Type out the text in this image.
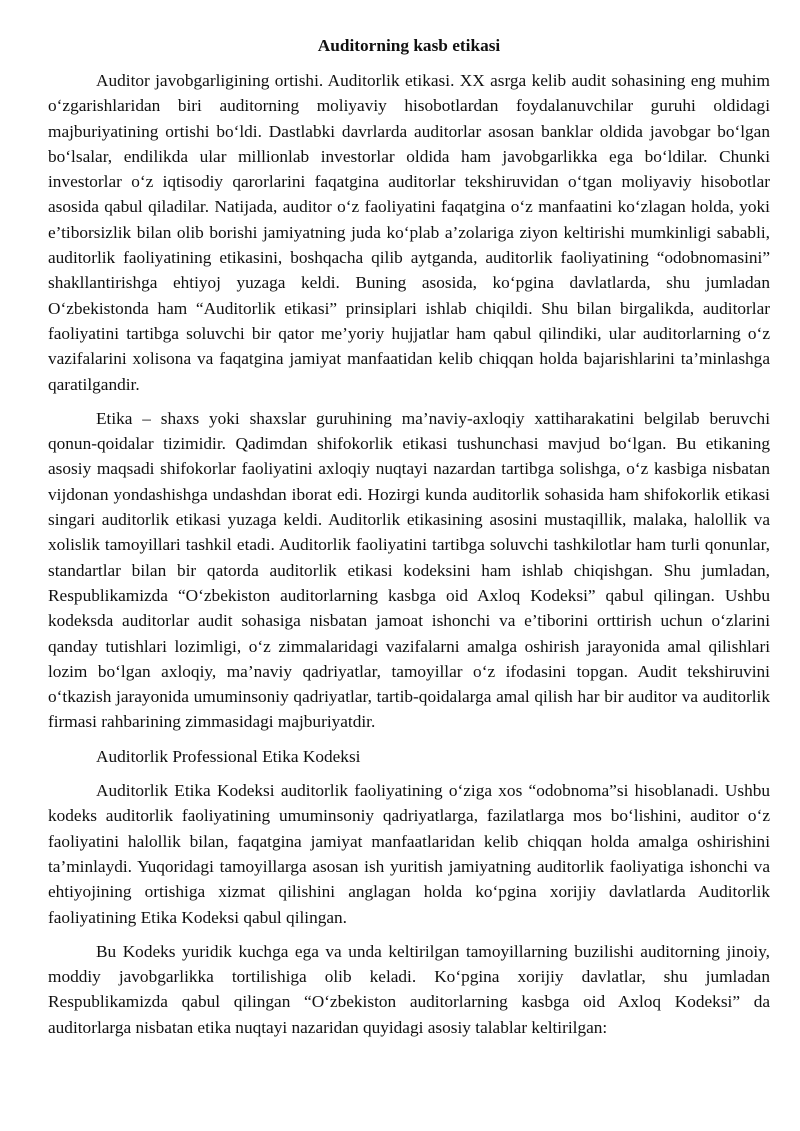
Auditorning kasb etikasi

Auditor javobgarligining ortishi. Auditorlik etikasi. XX asrga kelib audit sohasining eng muhim o‘zgarishlaridan biri auditorning moliyaviy hisobotlardan foydalanuvchilar guruhi oldidagi majburiyatining ortishi bo‘ldi. Dastlabki davrlarda auditorlar asosan banklar oldida javobgar bo‘lgan bo‘lsalar, endilikda ular millionlab investorlar oldida ham javobgarlikka ega bo‘ldilar. Chunki investorlar o‘z iqtisodiy qarorlarini faqatgina auditorlar tekshiruvidan o‘tgan moliyaviy hisobotlar asosida qabul qiladilar. Natijada, auditor o‘z faoliyatini faqatgina o‘z manfaatini ko‘zlagan holda, yoki e’tiborsizlik bilan olib borishi jamiyatning juda ko‘plab a’zolariga ziyon keltirishi mumkinligi sababli, auditorlik faoliyatining etikasini, boshqacha qilib aytganda, auditorlik faoliyatining “odobnomasini” shakllantirishga ehtiyoj yuzaga keldi. Buning asosida, ko‘pgina davlatlarda, shu jumladan O‘zbekistonda ham “Auditorlik etikasi” prinsiplari ishlab chiqildi. Shu bilan birgalikda, auditorlar faoliyatini tartibga soluvchi bir qator me’yoriy hujjatlar ham qabul qilindiki, ular auditorlarning o‘z vazifalarini xolisona va faqatgina jamiyat manfaatidan kelib chiqqan holda bajarishlarini ta’minlashga qaratilgandir.

Etika – shaxs yoki shaxslar guruhining ma’naviy-axloqiy xattiharakatini belgilab beruvchi qonun-qoidalar tizimidir. Qadimdan shifokorlik etikasi tushunchasi mavjud bo‘lgan. Bu etikaning asosiy maqsadi shifokorlar faoliyatini axloqiy nuqtayi nazardan tartibga solishga, o‘z kasbiga nisbatan vijdonan yondashishga undashdan iborat edi. Hozirgi kunda auditorlik sohasida ham shifokorlik etikasi singari auditorlik etikasi yuzaga keldi. Auditorlik etikasining asosini mustaqillik, malaka, halollik va xolislik tamoyillari tashkil etadi. Auditorlik faoliyatini tartibga soluvchi tashkilotlar ham turli qonunlar, standartlar bilan bir qatorda auditorlik etikasi kodeksini ham ishlab chiqishgan. Shu jumladan, Respublikamizda “O‘zbekiston auditorlarning kasbga oid Axloq Kodeksi” qabul qilingan. Ushbu kodeksda auditorlar audit sohasiga nisbatan jamoat ishonchi va e’tiborini orttirish uchun o‘zlarini qanday tutishlari lozimligi, o‘z zimmalaridagi vazifalarni amalga oshirish jarayonida amal qilishlari lozim bo‘lgan axloqiy, ma’naviy qadriyatlar, tamoyillar o‘z ifodasini topgan. Audit tekshiruvini o‘tkazish jarayonida umuminsoniy qadriyatlar, tartib-qoidalarga amal qilish har bir auditor va auditorlik firmasi rahbarining zimmasidagi majburiyatdir.

Auditorlik Professional Etika Kodeksi

Auditorlik Etika Kodeksi auditorlik faoliyatining o‘ziga xos “odobnoma”si hisoblanadi. Ushbu kodeks auditorlik faoliyatining umuminsoniy qadriyatlarga, fazilatlarga mos bo‘lishini, auditor o‘z faoliyatini halollik bilan, faqatgina jamiyat manfaatlaridan kelib chiqqan holda amalga oshirishini ta’minlaydi. Yuqoridagi tamoyillarga asosan ish yuritish jamiyatning auditorlik faoliyatiga ishonchi va ehtiyojining ortishiga xizmat qilishini anglagan holda ko‘pgina xorijiy davlatlarda Auditorlik faoliyatining Etika Kodeksi qabul qilingan.

Bu Kodeks yuridik kuchga ega va unda keltirilgan tamoyillarning buzilishi auditorning jinoiy, moddiy javobgarlikka tortilishiga olib keladi. Ko‘pgina xorijiy davlatlar, shu jumladan Respublikamizda qabul qilingan “O‘zbekiston auditorlarning kasbga oid Axloq Kodeksi” da auditorlarga nisbatan etika nuqtayi nazaridan quyidagi asosiy talablar keltirilgan:
